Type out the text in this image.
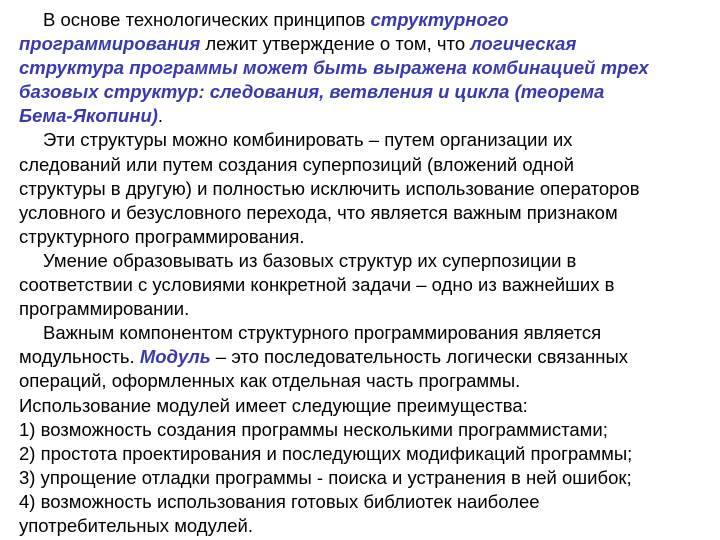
В основе технологических принципов структурного
программирования лежит утверждение о том, что логическая
структура программы может быть выражена комбинацией трех
базовых структур: следования, ветвления и цикла (теорема
Бема-Якопини).
Эти структуры можно комбинировать – путем организации их
следований или путем создания суперпозиций (вложений одной
структуры в другую) и полностью исключить использование операторов
условного и безусловного перехода, что является важным признаком
структурного программирования.
Умение образовывать из базовых структур их суперпозиции в
соответствии с условиями конкретной задачи – одно из важнейших в
программировании.
Важным компонентом структурного программирования является
модульность. Модуль – это последовательность логически связанных
операций, оформленных как отдельная часть программы.
Использование модулей имеет следующие преимущества:
1) возможность создания программы несколькими программистами;
2) простота проектирования и последующих модификаций программы;
3) упрощение отладки программы - поиска и устранения в ней ошибок;
4) возможность использования готовых библиотек наиболее
употребительных модулей.
